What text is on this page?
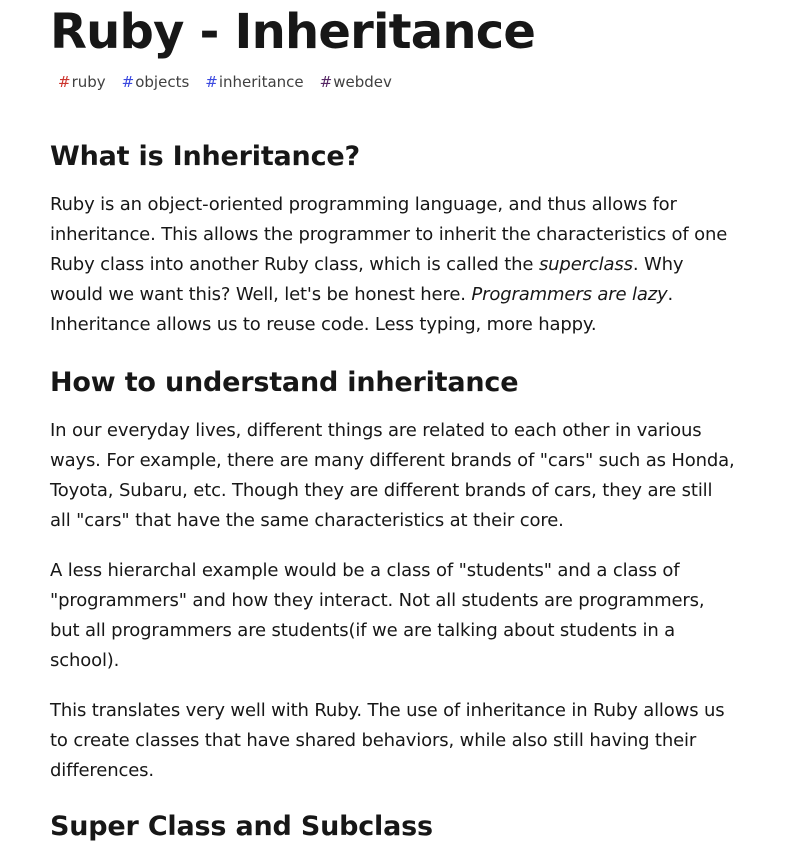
Ruby - Inheritance
#ruby #objects #inheritance #webdev
What is Inheritance?

Ruby is an object-oriented programming language, and thus allows for inheritance. This allows the programmer to inherit the characteristics of one Ruby class into another Ruby class, which is called the superclass. Why would we want this? Well, let's be honest here. Programmers are lazy. Inheritance allows us to reuse code. Less typing, more happy.

How to understand inheritance

In our everyday lives, different things are related to each other in various ways. For example, there are many different brands of "cars" such as Honda, Toyota, Subaru, etc. Though they are different brands of cars, they are still all "cars" that have the same characteristics at their core.

A less hierarchal example would be a class of "students" and a class of "programmers" and how they interact. Not all students are programmers, but all programmers are students(if we are talking about students in a school).

This translates very well with Ruby. The use of inheritance in Ruby allows us to create classes that have shared behaviors, while also still having their differences.

Super Class and Subclass
